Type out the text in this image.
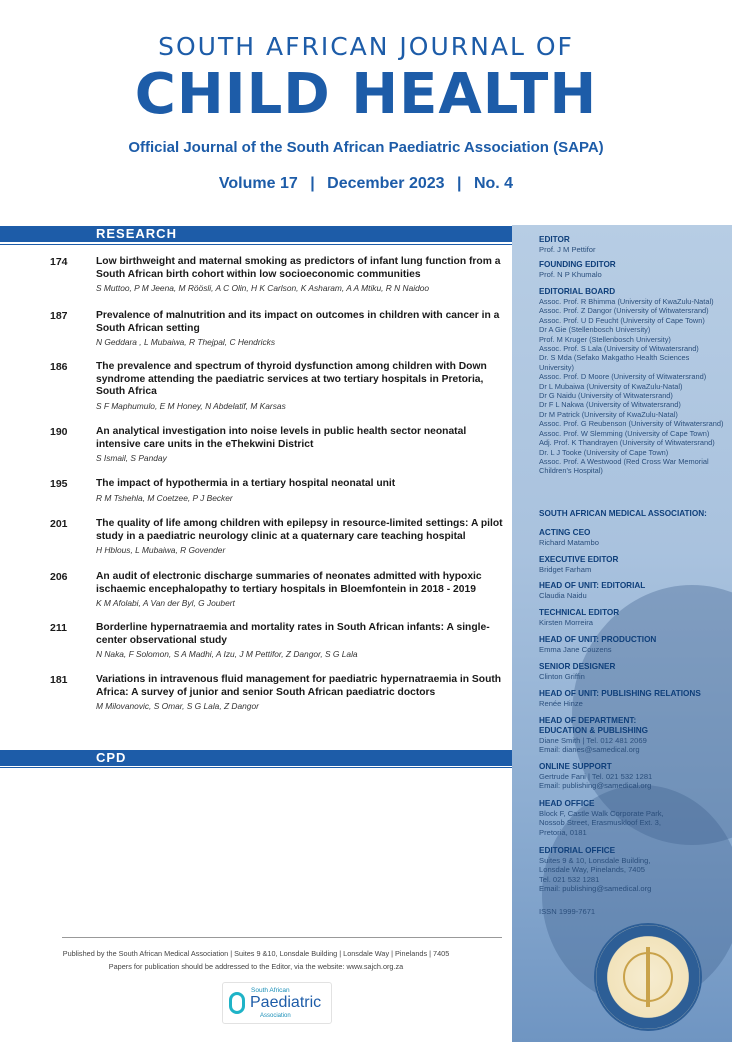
SOUTH AFRICAN JOURNAL OF
CHILD HEALTH
Official Journal of the South African Paediatric Association (SAPA)
Volume 17 | December 2023 | No. 4
RESEARCH
174	Low birthweight and maternal smoking as predictors of infant lung function from a South African birth cohort within low socioeconomic communities
S Muttoo, P M Jeena, M Röösli, A C Olin, H K Carlson, K Asharam, A A Mtiku, R N Naidoo
187	Prevalence of malnutrition and its impact on outcomes in children with cancer in a South African setting
N Geddara , L Mubaiwa, R Thejpal, C Hendricks
186	The prevalence and spectrum of thyroid dysfunction among children with Down syndrome attending the paediatric services at two tertiary hospitals in Pretoria, South Africa
S F Maphumulo, E M Honey, N Abdelatif, M Karsas
190	An analytical investigation into noise levels in public health sector neonatal intensive care units in the eThekwini District
S Ismail, S Panday
195	The impact of hypothermia in a tertiary hospital neonatal unit
R M Tshehla, M Coetzee, P J Becker
201	The quality of life among children with epilepsy in resource-limited settings: A pilot study in a paediatric neurology clinic at a quaternary care teaching hospital
H Hblous, L Mubaiwa, R Govender
206	An audit of electronic discharge summaries of neonates admitted with hypoxic ischaemic encephalopathy to tertiary hospitals in Bloemfontein in 2018 - 2019
K M Afolabi, A Van der Byl, G Joubert
211	Borderline hypernatraemia and mortality rates in South African infants: A single-center observational study
N Naka, F Solomon, S A Madhi, A Izu, J M Pettifor, Z Dangor, S G Lala
181	Variations in intravenous fluid management for paediatric hypernatraemia in South Africa: A survey of junior and senior South African paediatric doctors
M Milovanovic, S Omar, S G Lala, Z Dangor
CPD
EDITOR
Prof. J M Pettifor
FOUNDING EDITOR
Prof. N P Khumalo
EDITORIAL BOARD
Assoc. Prof. R Bhimma (University of KwaZulu-Natal)
Assoc. Prof. Z Dangor (University of Witwatersrand)
Assoc. Prof. U D Feucht (University of Cape Town)
Dr A Gie (Stellenbosch University)
Prof. M Kruger (Stellenbosch University)
Assoc. Prof. S Lala (University of Witwatersrand)
Dr. S Mda (Sefako Makgatho Health Sciences
University)
Assoc. Prof. D Moore (University of Witwatersrand)
Dr L Mubaiwa (University of KwaZulu-Natal)
Dr G Naidu (University of Witwatersrand)
Dr F L Nakwa (University of Witwatersrand)
Dr M Patrick (University of KwaZulu-Natal)
Assoc. Prof. G Reubenson (University of Witwatersrand)
Assoc. Prof. W Slemming (University of Cape Town)
Adj. Prof. K Thandrayen (University of Witwatersrand)
Dr. L J Tooke (University of Cape Town)
Assoc. Prof. A Westwood (Red Cross War Memorial
Children's Hospital)
SOUTH AFRICAN MEDICAL ASSOCIATION:
ACTING CEO
Richard Matambo
EXECUTIVE EDITOR
Bridget Farham
HEAD OF UNIT: EDITORIAL
Claudia Naidu
TECHNICAL EDITOR
Kirsten Morreira
HEAD OF UNIT: PRODUCTION
Emma Jane Couzens
SENIOR DESIGNER
Clinton Griffin
HEAD OF UNIT: PUBLISHING RELATIONS
Renée Hinze
HEAD OF DEPARTMENT:
EDUCATION & PUBLISHING
Diane Smith | Tel. 012 481 2069
Email: dianes@samedical.org
ONLINE SUPPORT
Gertrude Fani | Tel. 021 532 1281
Email: publishing@samedical.org
HEAD OFFICE
Block F, Castle Walk Corporate Park,
Nossob Street, Erasmuskloof Ext. 3,
Pretoria, 0181
EDITORIAL OFFICE
Suites 9 & 10, Lonsdale Building,
Lonsdale Way, Pinelands, 7405
Tel. 021 532 1281
Email: publishing@samedical.org
ISSN 1999-7671
Published by the South African Medical Association | Suites 9 &10, Lonsdale Building | Lonsdale Way | Pinelands | 7405
Papers for publication should be addressed to the Editor, via the website: www.sajch.org.za
South African
Paediatric
Association
